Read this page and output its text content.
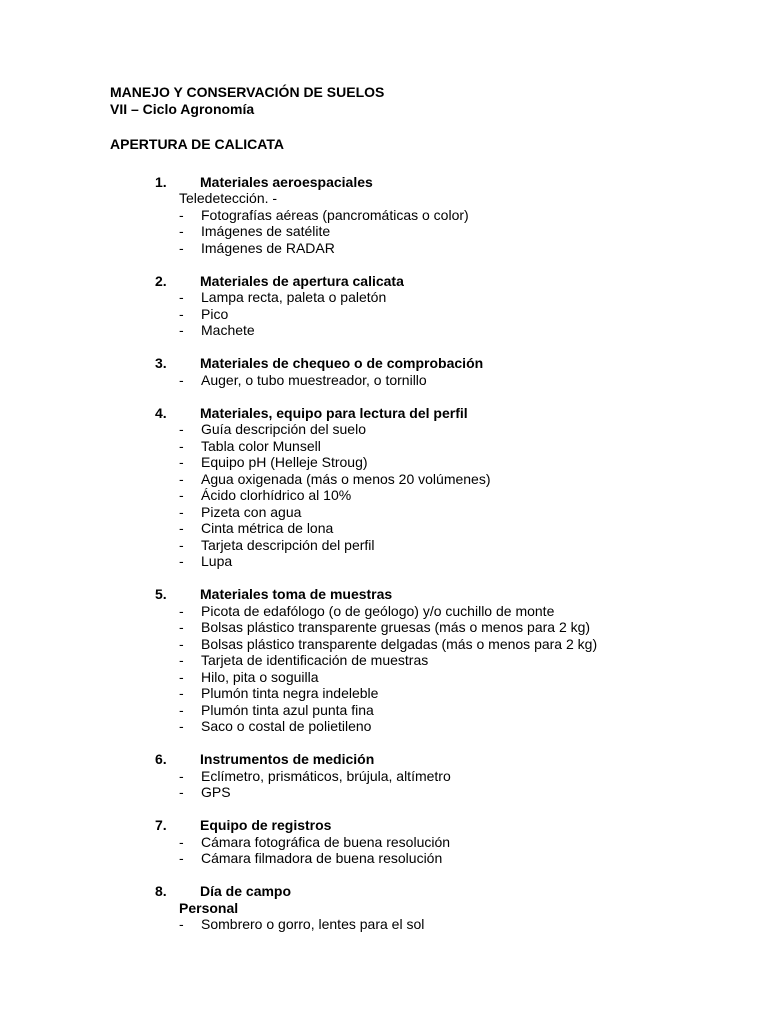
MANEJO Y CONSERVACIÓN DE SUELOS
VII – Ciclo Agronomía
APERTURA DE CALICATA
1.	Materiales aeroespaciales
Teledetección. -
-	Fotografías aéreas (pancromáticas o color)
-	Imágenes de satélite
-	Imágenes de RADAR
2.	Materiales de apertura calicata
-	Lampa recta, paleta o paletón
-	Pico
-	Machete
3.	Materiales de chequeo o de comprobación
-	Auger, o tubo muestreador, o tornillo
4.	Materiales, equipo para lectura del perfil
-	Guía descripción del suelo
-	Tabla color Munsell
-	Equipo pH (Helleje Stroug)
-	Agua oxigenada (más o menos 20 volúmenes)
-	Ácido clorhídrico al 10%
-	Pizeta con agua
-	Cinta métrica de lona
-	Tarjeta descripción del perfil
-	Lupa
5.	Materiales toma de muestras
-	Picota de edafólogo (o de geólogo) y/o cuchillo de monte
-	Bolsas plástico transparente gruesas (más o menos para 2 kg)
-	Bolsas plástico transparente delgadas (más o menos para 2 kg)
-	Tarjeta de identificación de muestras
-	Hilo, pita o soguilla
-	Plumón tinta negra indeleble
-	Plumón tinta azul punta fina
-	Saco o costal de polietileno
6.	Instrumentos de medición
-	Eclímetro, prismáticos, brújula, altímetro
-	GPS
7.	Equipo de registros
-	Cámara fotográfica de buena resolución
-	Cámara filmadora de buena resolución
8.	Día de campo
Personal
-	Sombrero o gorro, lentes para el sol
